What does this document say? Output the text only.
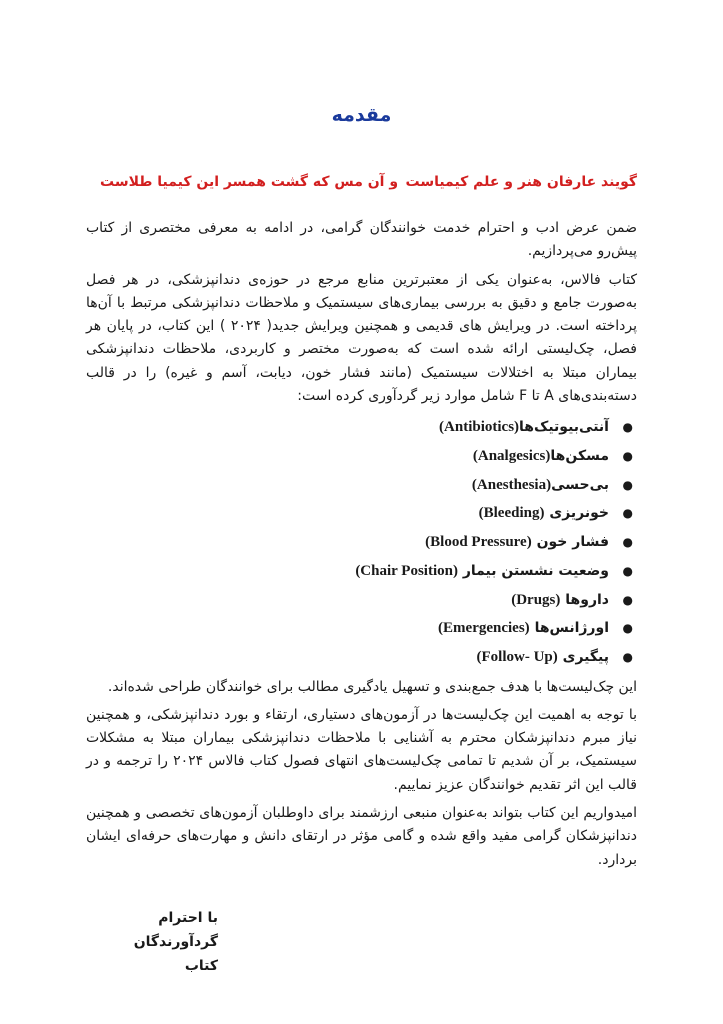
مقدمه
گویند عارفان هنر و علم کیمیاست
و آن مس که گشت همسر این کیمیا طلاست

ضمن عرض ادب و احترام خدمت خوانندگان گرامی، در ادامه به معرفی مختصری از کتاب پیش‌رو می‌پردازیم.

کتاب فالاس، به‌عنوان یکی از معتبرترین منابع مرجع در حوزه‌ی دندانپزشکی، در هر فصل به‌صورت جامع و دقیق به بررسی بیماری‌های سیستمیک و ملاحظات دندانپزشکی مرتبط با آن‌ها پرداخته است. در ویرایش های قدیمی و همچنین ویرایش جدید( ۲۰۲۴ ) این کتاب، در پایان هر فصل، چک‌لیستی ارائه شده است که به‌صورت مختصر و کاربردی، ملاحظات دندانپزشکی بیماران مبتلا به اختلالات سیستمیک (مانند فشار خون، دیابت، آسم و غیره) را در قالب دسته‌بندی‌های A تا F شامل موارد زیر گردآوری کرده است:

●
آنتی‌بیوتیک‌ها(Antibiotics)
●
مسکن‌ها(Analgesics)
●
بی‌حسی(Anesthesia)
●
خونریزی (Bleeding)
●
فشار خون (Blood Pressure)
●
وضعیت نشستن بیمار (Chair Position)
●
داروها (Drugs)
●
اورژانس‌ها (Emergencies)
●
پیگیری (Follow- Up)

این چک‌لیست‌ها با هدف جمع‌بندی و تسهیل یادگیری مطالب برای خوانندگان طراحی شده‌اند.

با توجه به اهمیت این چک‌لیست‌ها در آزمون‌های دستیاری، ارتقاء و بورد دندانپزشکی، و همچنین نیاز مبرم دندانپزشکان محترم به آشنایی با ملاحظات دندانپزشکی بیماران مبتلا به مشکلات سیستمیک، بر آن شدیم تا تمامی چک‌لیست‌های انتهای فصول کتاب فالاس ۲۰۲۴ را ترجمه و در قالب این اثر تقدیم خوانندگان عزیز نماییم.

امیدواریم این کتاب بتواند به‌عنوان منبعی ارزشمند برای داوطلبان آزمون‌های تخصصی و همچنین دندانپزشکان گرامی مفید واقع شده و گامی مؤثر در ارتقای دانش و مهارت‌های حرفه‌ای ایشان بردارد.

با احترام
گردآورندگان کتاب
